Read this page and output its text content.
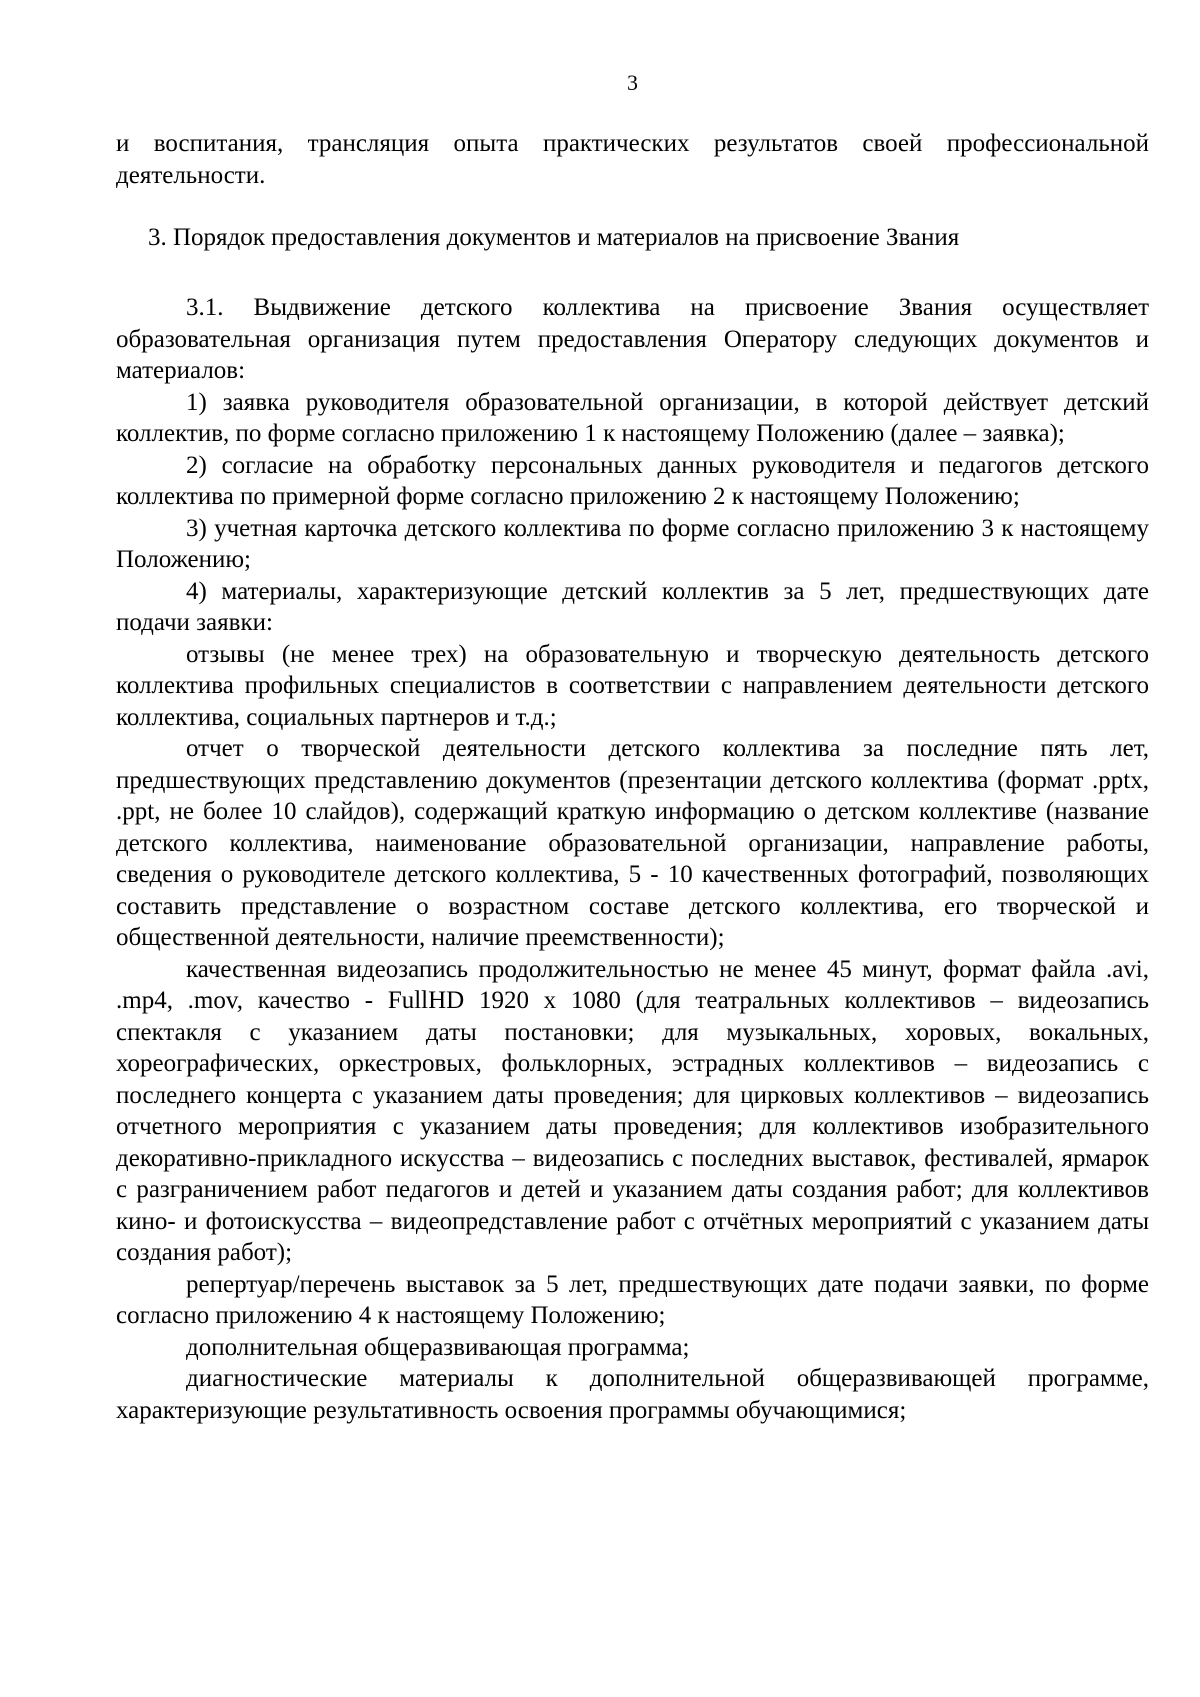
3

и воспитания, трансляция опыта практических результатов своей профессиональной деятельности.

3. Порядок предоставления документов и материалов на присвоение Звания

3.1. Выдвижение детского коллектива на присвоение Звания осуществляет образовательная организация путем предоставления Оператору следующих документов и материалов:

1) заявка руководителя образовательной организации, в которой действует детский коллектив, по форме согласно приложению 1 к настоящему Положению (далее – заявка);

2) согласие на обработку персональных данных руководителя и педагогов детского коллектива по примерной форме согласно приложению 2 к настоящему Положению;

3) учетная карточка детского коллектива по форме согласно приложению 3 к настоящему Положению;

4) материалы, характеризующие детский коллектив за 5 лет, предшествующих дате подачи заявки:

отзывы (не менее трех) на образовательную и творческую деятельность детского коллектива профильных специалистов в соответствии с направлением деятельности детского коллектива, социальных партнеров и т.д.;

отчет о творческой деятельности детского коллектива за последние пять лет, предшествующих представлению документов (презентации детского коллектива (формат .pptx, .ppt, не более 10 слайдов), содержащий краткую информацию о детском коллективе (название детского коллектива, наименование образовательной организации, направление работы, сведения о руководителе детского коллектива, 5 - 10 качественных фотографий, позволяющих составить представление о возрастном составе детского коллектива, его творческой и общественной деятельности, наличие преемственности);

качественная видеозапись продолжительностью не менее 45 минут, формат файла .avi, .mp4, .mov, качество - FullHD 1920 x 1080 (для театральных коллективов – видеозапись спектакля с указанием даты постановки; для музыкальных, хоровых, вокальных, хореографических, оркестровых, фольклорных, эстрадных коллективов – видеозапись с последнего концерта с указанием даты проведения; для цирковых коллективов – видеозапись отчетного мероприятия с указанием даты проведения; для коллективов изобразительного декоративно-прикладного искусства – видеозапись с последних выставок, фестивалей, ярмарок с разграничением работ педагогов и детей и указанием даты создания работ; для коллективов кино- и фотоискусства – видеопредставление работ с отчётных мероприятий с указанием даты создания работ);

репертуар/перечень выставок за 5 лет, предшествующих дате подачи заявки, по форме согласно приложению 4 к настоящему Положению;

дополнительная общеразвивающая программа;

диагностические материалы к дополнительной общеразвивающей программе, характеризующие результативность освоения программы обучающимися;
